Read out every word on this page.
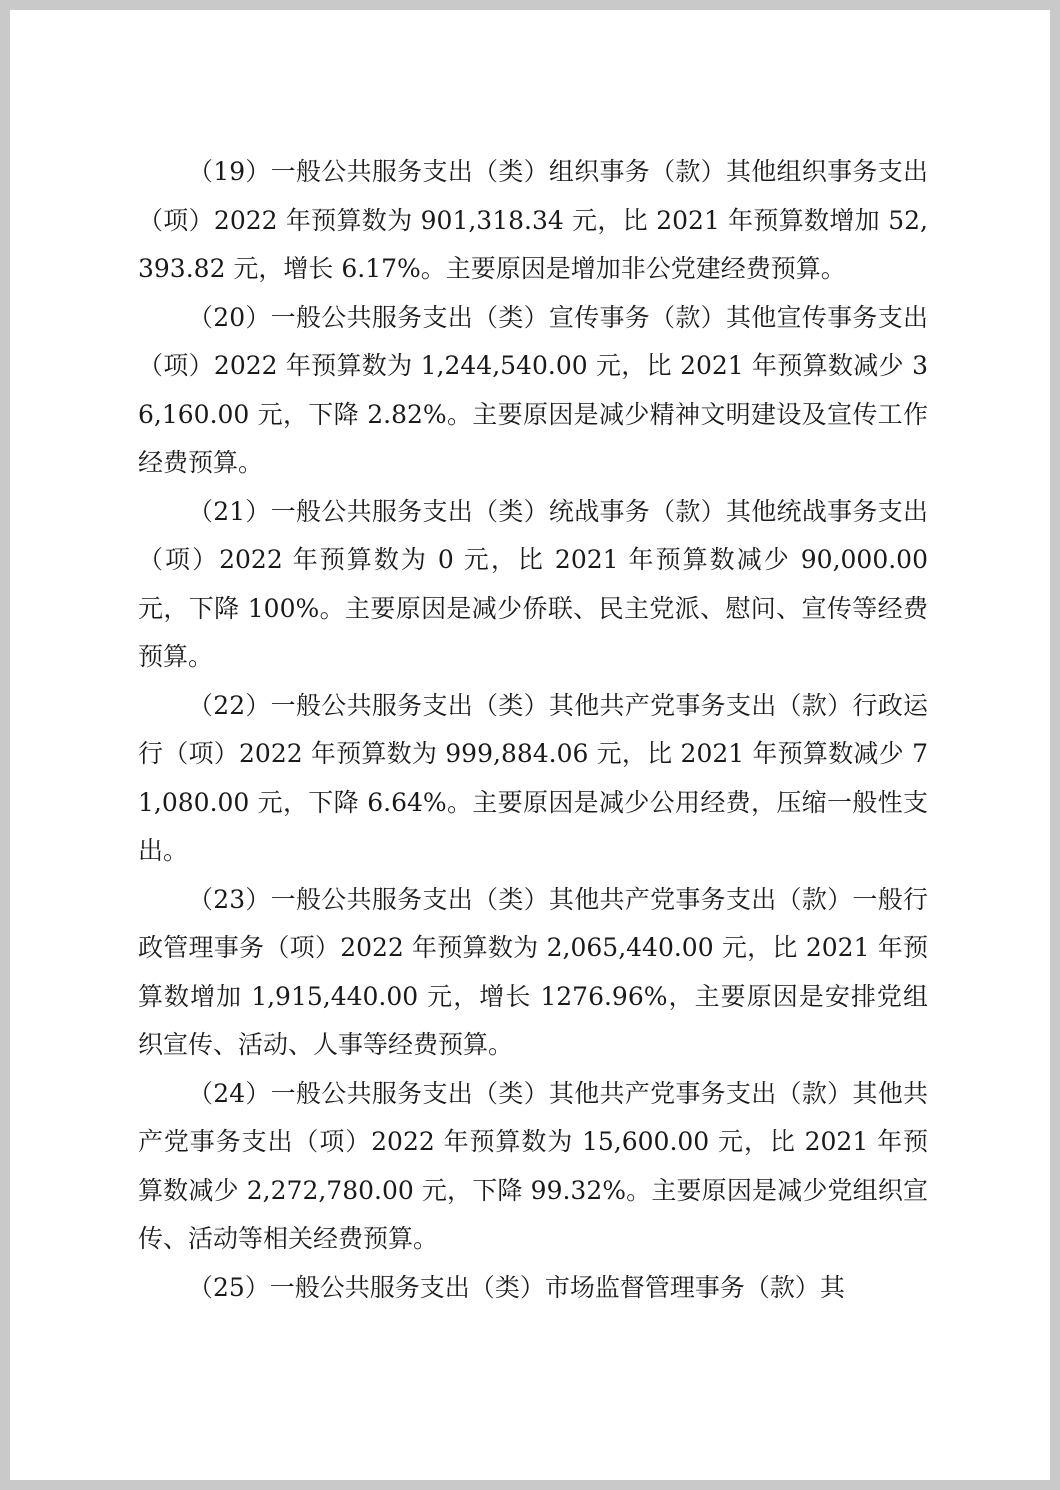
（19）一般公共服务支出（类）组织事务（款）其他组织事务支出（项）2022 年预算数为 901,318.34 元，比 2021 年预算数增加 52,393.82 元，增长 6.17%。主要原因是增加非公党建经费预算。

（20）一般公共服务支出（类）宣传事务（款）其他宣传事务支出（项）2022 年预算数为 1,244,540.00 元，比 2021 年预算数减少 36,160.00 元，下降 2.82%。主要原因是减少精神文明建设及宣传工作经费预算。

（21）一般公共服务支出（类）统战事务（款）其他统战事务支出（项）2022 年预算数为 0 元，比 2021 年预算数减少 90,000.00 元，下降 100%。主要原因是减少侨联、民主党派、慰问、宣传等经费预算。

（22）一般公共服务支出（类）其他共产党事务支出（款）行政运行（项）2022 年预算数为 999,884.06 元，比 2021 年预算数减少 71,080.00 元，下降 6.64%。主要原因是减少公用经费，压缩一般性支出。

（23）一般公共服务支出（类）其他共产党事务支出（款）一般行政管理事务（项）2022 年预算数为 2,065,440.00 元，比 2021 年预算数增加 1,915,440.00 元，增长 1276.96%，主要原因是安排党组织宣传、活动、人事等经费预算。

（24）一般公共服务支出（类）其他共产党事务支出（款）其他共产党事务支出（项）2022 年预算数为 15,600.00 元，比 2021 年预算数减少 2,272,780.00 元，下降 99.32%。主要原因是减少党组织宣传、活动等相关经费预算。

（25）一般公共服务支出（类）市场监督管理事务（款）其
